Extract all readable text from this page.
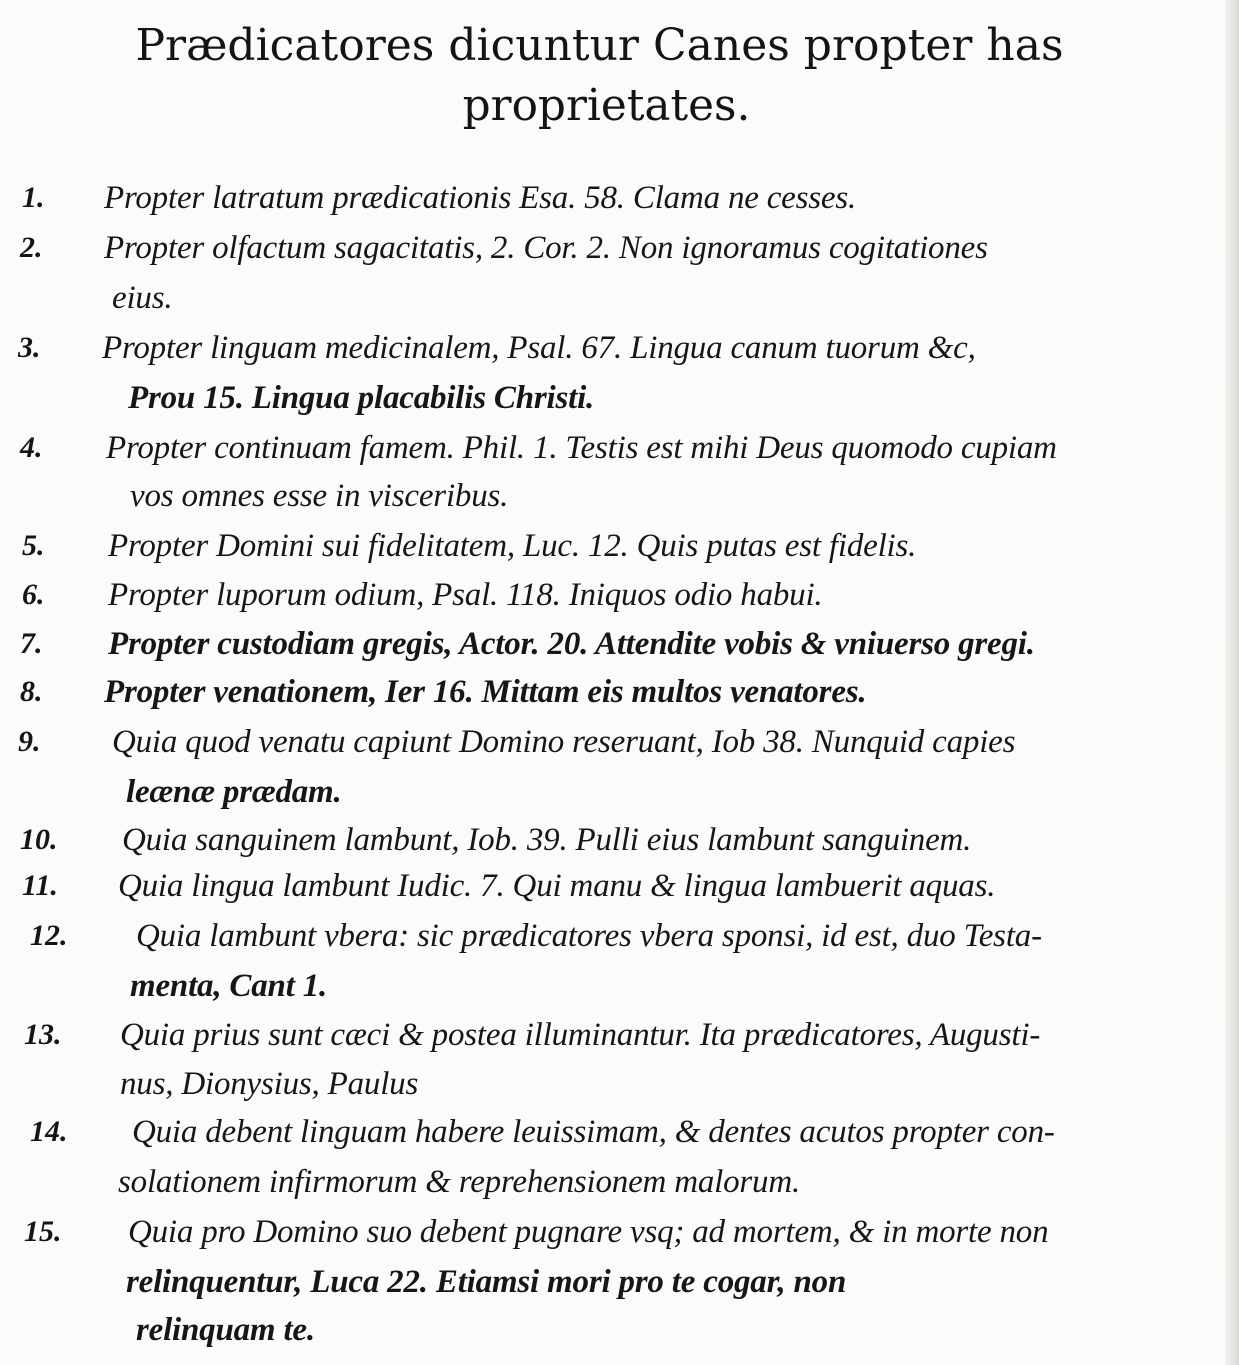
Prædicatores dicuntur Canes propter has
proprietates.
1. Propter latratum prædicationis Esa. 58. Clama ne cesses.
2. Propter olfactum sagacitatis, 2. Cor. 2. Non ignoramus cogitationes
eius.
3. Propter linguam medicinalem, Psal. 67. Lingua canum tuorum &c,
Prou 15. Lingua placabilis Christi.
4. Propter continuam famem. Phil. 1. Testis est mihi Deus quomodo cupiam
vos omnes esse in visceribus.
5. Propter Domini sui fidelitatem, Luc. 12. Quis putas est fidelis.
6. Propter luporum odium, Psal. 118. Iniquos odio habui.
7. Propter custodiam gregis, Actor. 20. Attendite vobis & vniuerso gregi.
8. Propter venationem, Ier 16. Mittam eis multos venatores.
9. Quia quod venatu capiunt Domino reseruant, Iob 38. Nunquid capies
leænæ prædam.
10. Quia sanguinem lambunt, Iob. 39. Pulli eius lambunt sanguinem.
11. Quia lingua lambunt Iudic. 7. Qui manu & lingua lambuerit aquas.
12. Quia lambunt vbera: sic prædicatores vbera sponsi, id est, duo Testa-
menta, Cant 1.
13. Quia prius sunt cæci & postea illuminantur. Ita prædicatores, Augusti-
nus, Dionysius, Paulus
14. Quia debent linguam habere leuissimam, & dentes acutos propter con-
solationem infirmorum & reprehensionem malorum.
15. Quia pro Domino suo debent pugnare vsq; ad mortem, & in morte non
relinquentur, Luca 22. Etiamsi mori pro te cogar, non
relinquam te.
